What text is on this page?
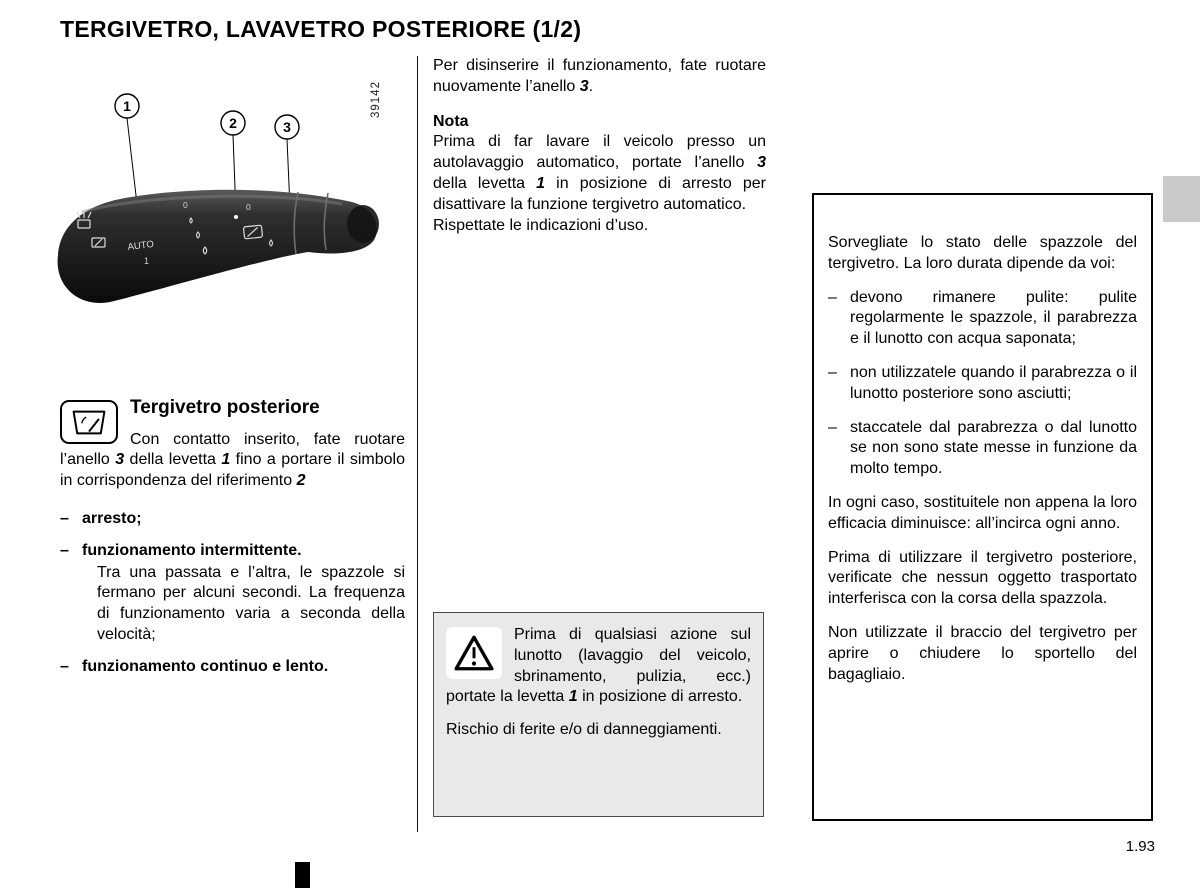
TERGIVETRO, LAVAVETRO POSTERIORE (1/2)
AUTO
1
0	0
1
2	3
39142
Tergivetro posteriore

Con contatto inserito, fate ruotare l’anello 3 della levetta 1 fino a portare il simbolo in corrispondenza del riferimento 2

– arresto;
– funzionamento intermittente.
Tra una passata e l’altra, le spazzole si fermano per alcuni secondi. La frequenza di funzionamento varia a seconda della velocità;
– funzionamento continuo e lento.

Per disinserire il funzionamento, fate ruotare nuovamente l’anello 3.

Nota

Prima di far lavare il veicolo presso un autolavaggio automatico, portate l’anello 3 della levetta 1 in posizione di arresto per disattivare la funzione tergivetro automatico.

Rispettate le indicazioni d’uso.

Prima di qualsiasi azione sul lunotto (lavaggio del veicolo, sbrinamento, pulizia, ecc.) portate la levetta 1 in posizione di arresto.

Rischio di ferite e/o di danneggiamenti.

Sorvegliate lo stato delle spazzole del tergivetro. La loro durata dipende da voi:

– devono rimanere pulite: pulite regolarmente le spazzole, il parabrezza e il lunotto con acqua saponata;
– non utilizzatele quando il parabrezza o il lunotto posteriore sono asciutti;
– staccatele dal parabrezza o dal lunotto se non sono state messe in funzione da molto tempo.

In ogni caso, sostituitele non appena la loro efficacia diminuisce: all’incirca ogni anno.

Prima di utilizzare il tergivetro posteriore, verificate che nessun oggetto trasportato interferisca con la corsa della spazzola.

Non utilizzate il braccio del tergivetro per aprire o chiudere lo sportello del bagagliaio.

1.93
